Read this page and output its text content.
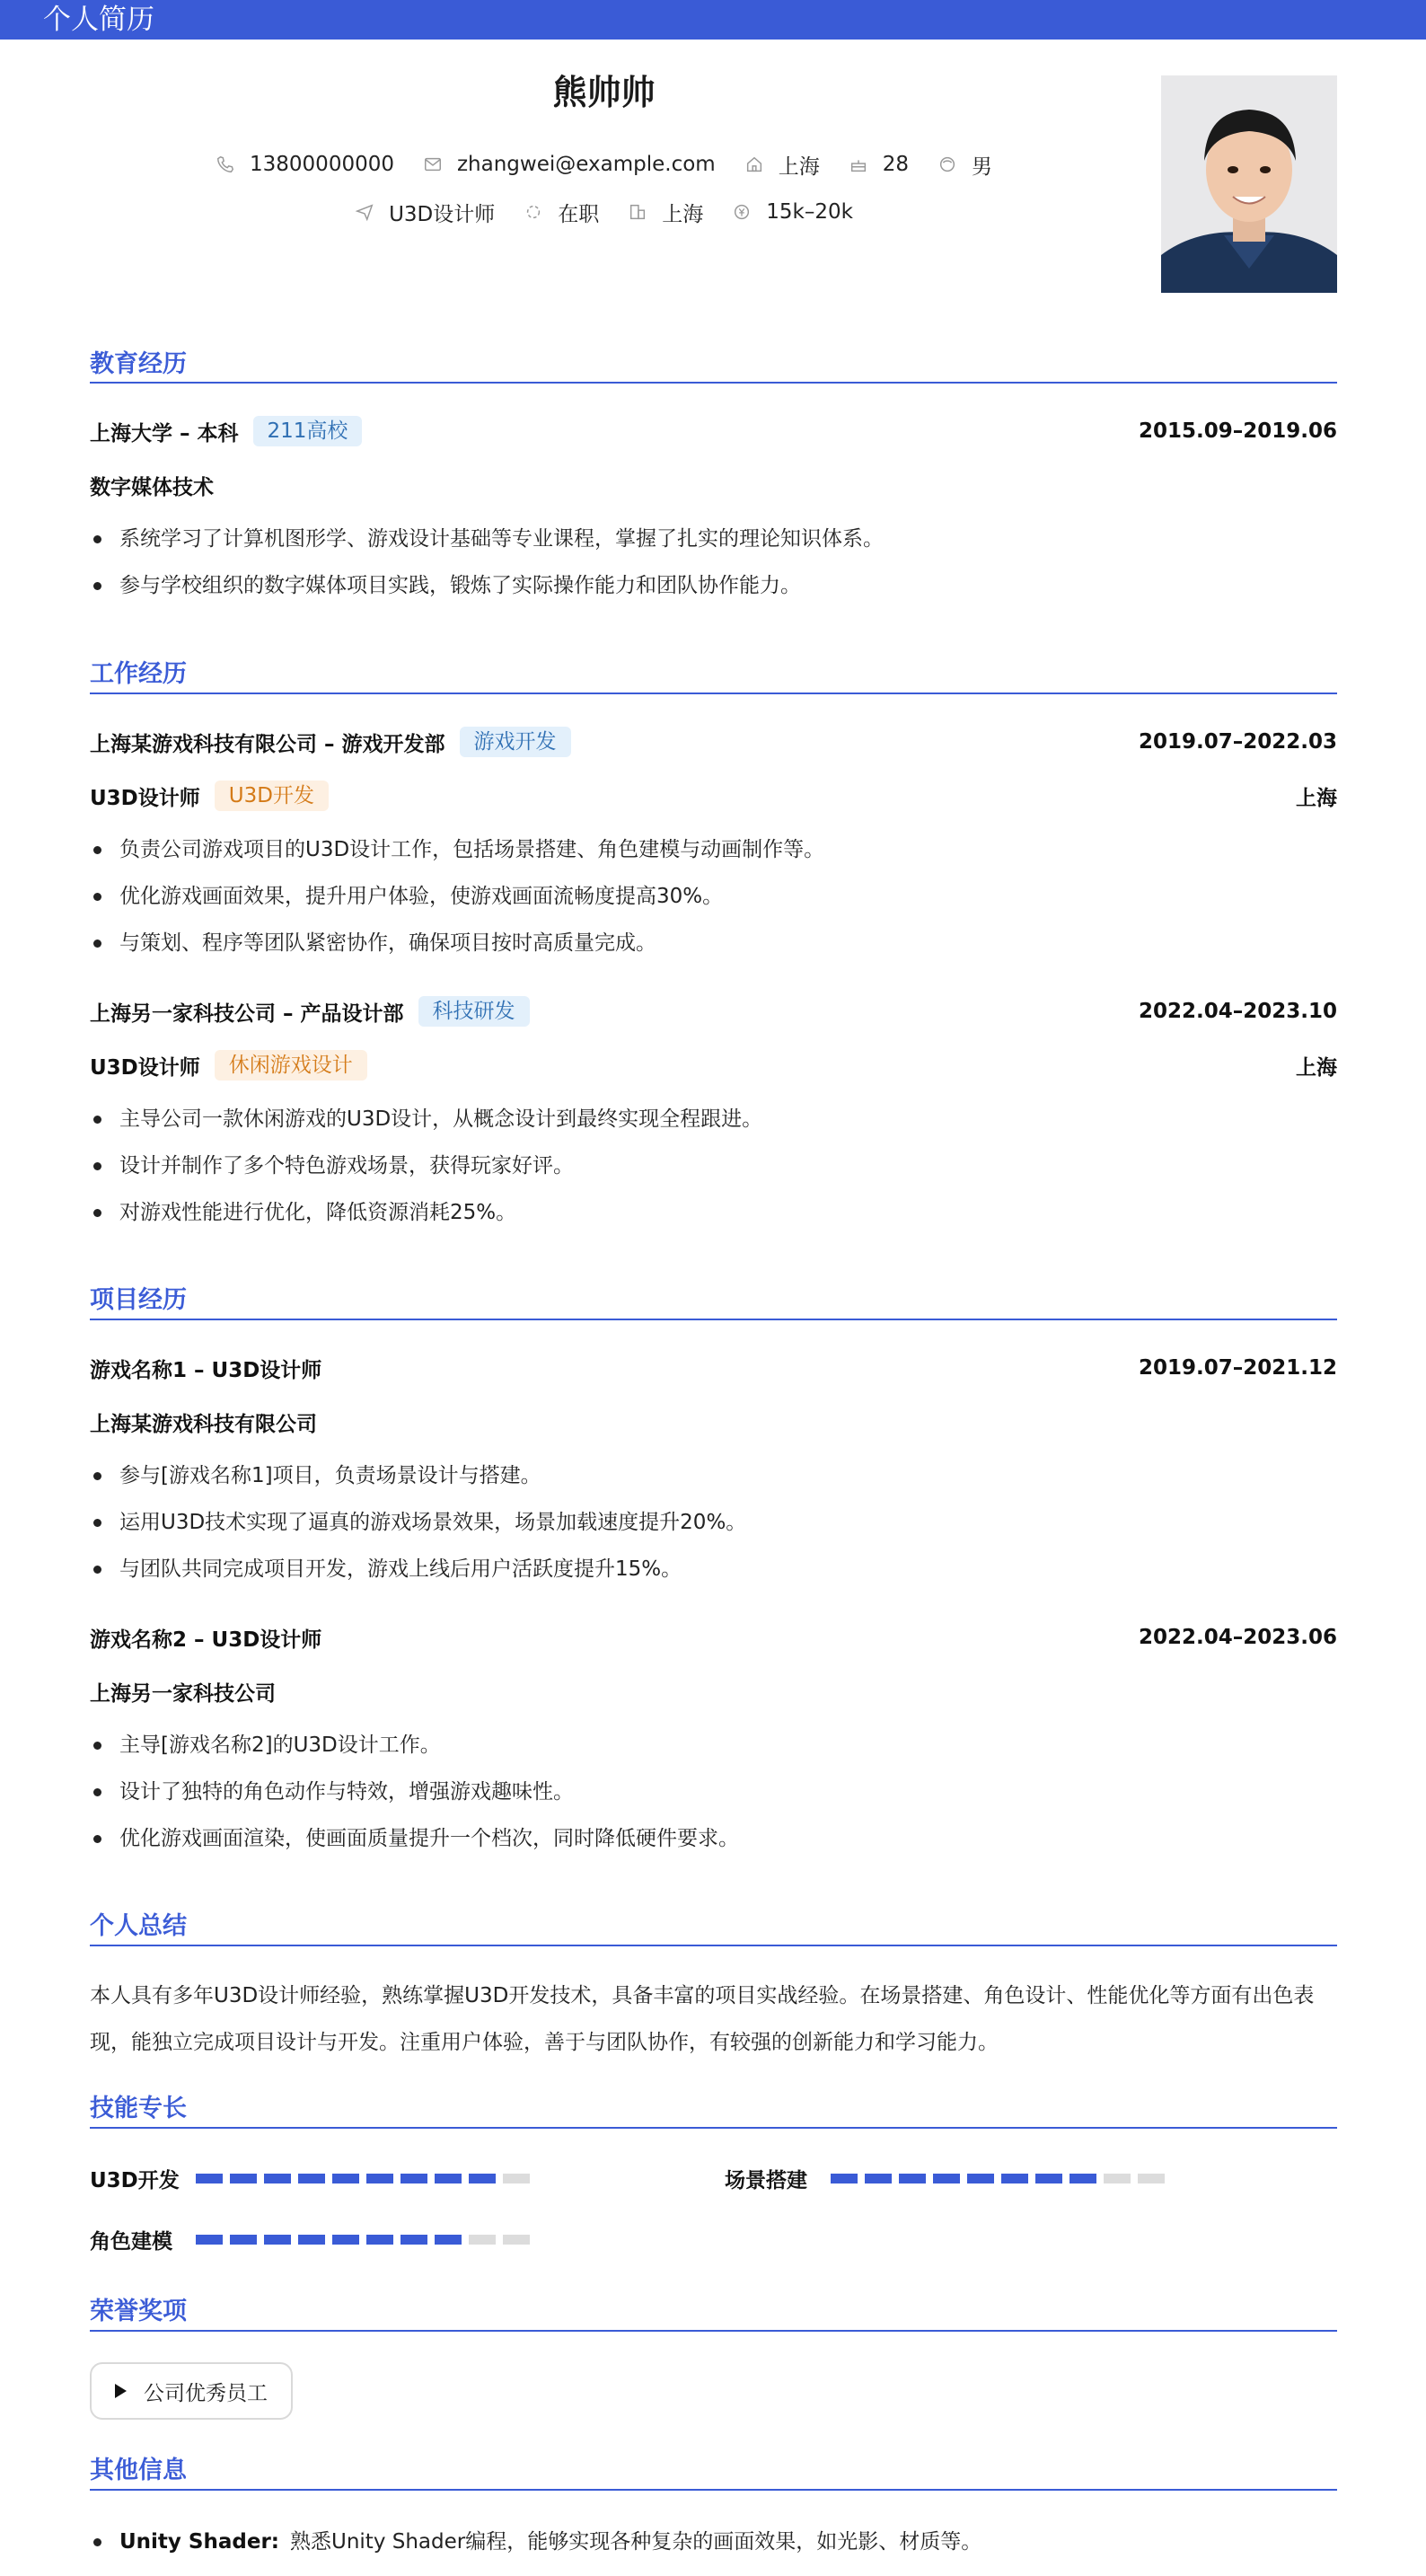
个人简历
熊帅帅
13800000000	zhangwei@example.com	上海	28	男
U3D设计师	在职	上海	15k–20k
教育经历
上海大学 – 本科	211高校	2015.09–2019.06
数字媒体技术
系统学习了计算机图形学、游戏设计基础等专业课程，掌握了扎实的理论知识体系。
参与学校组织的数字媒体项目实践，锻炼了实际操作能力和团队协作能力。
工作经历
上海某游戏科技有限公司 – 游戏开发部	游戏开发	2019.07–2022.03
U3D设计师	U3D开发	上海
负责公司游戏项目的U3D设计工作，包括场景搭建、角色建模与动画制作等。
优化游戏画面效果，提升用户体验，使游戏画面流畅度提高30%。
与策划、程序等团队紧密协作，确保项目按时高质量完成。
上海另一家科技公司 – 产品设计部	科技研发	2022.04–2023.10
U3D设计师	休闲游戏设计	上海
主导公司一款休闲游戏的U3D设计，从概念设计到最终实现全程跟进。
设计并制作了多个特色游戏场景，获得玩家好评。
对游戏性能进行优化，降低资源消耗25%。
项目经历
游戏名称1 – U3D设计师	2019.07–2021.12
上海某游戏科技有限公司
参与[游戏名称1]项目，负责场景设计与搭建。
运用U3D技术实现了逼真的游戏场景效果，场景加载速度提升20%。
与团队共同完成项目开发，游戏上线后用户活跃度提升15%。
游戏名称2 – U3D设计师	2022.04–2023.06
上海另一家科技公司
主导[游戏名称2]的U3D设计工作。
设计了独特的角色动作与特效，增强游戏趣味性。
优化游戏画面渲染，使画面质量提升一个档次，同时降低硬件要求。
个人总结
本人具有多年U3D设计师经验，熟练掌握U3D开发技术，具备丰富的项目实战经验。在场景搭建、角色设计、性能优化等方面有出色表现，能独立完成项目设计与开发。注重用户体验，善于与团队协作，有较强的创新能力和学习能力。
技能专长
U3D开发	场景搭建
角色建模
荣誉奖项
公司优秀员工
其他信息
Unity Shader: 熟悉Unity Shader编程，能够实现各种复杂的画面效果，如光影、材质等。
